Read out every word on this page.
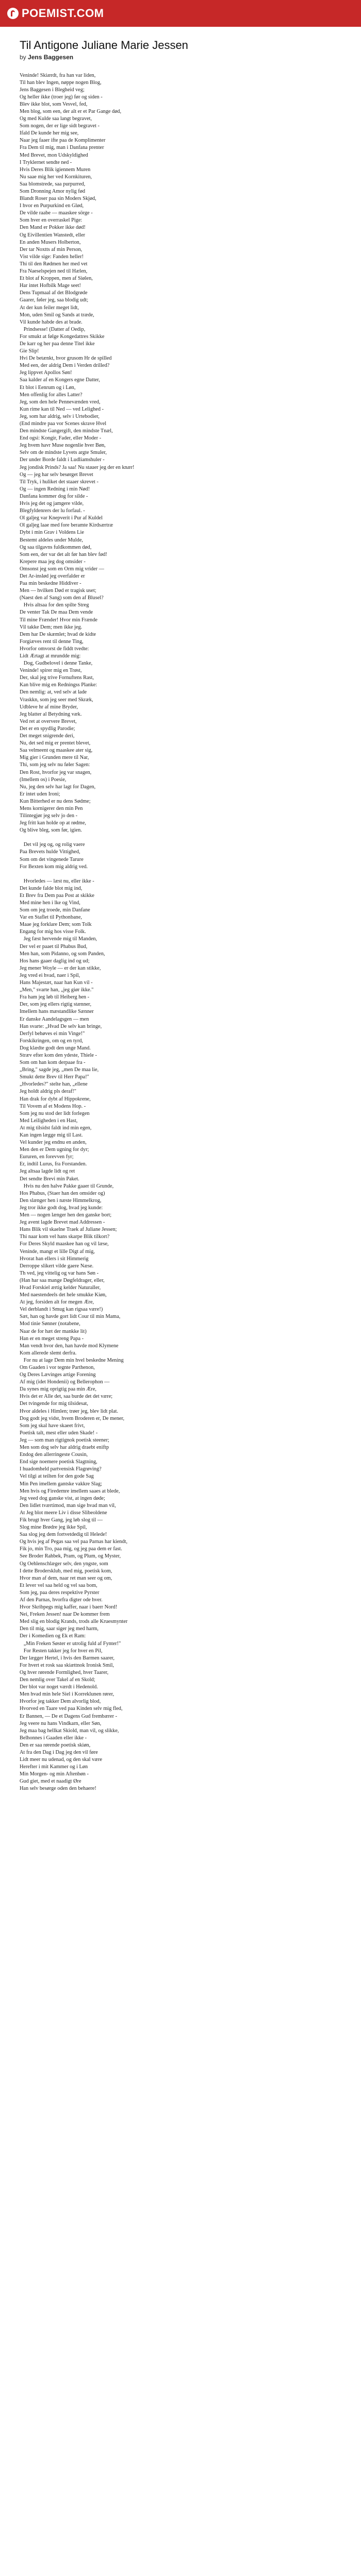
POEMIST.COM
Til Antigone Juliane Marie Jessen
by Jens Baggesen
Veninde! Skiærdt, fra han var liden,
Til han blev Ingen, nøppe nogen Blog,
Jens Baggesen i Blegheid veg;
Og heller ikke (troer jeg) før og siden -
Blev ikke blot, som Vesvel, fed,
Men blog, som een, der alt er et Par Gange død,
Og med Kulde saa langt begravet,
Som nogen, der er lige sidt begravet -
Ifald De kunde her mig see,
Naar jeg faaer ifte paa de Komplimenter
Fra Dem til mig, man i Danfana prenter
Med Brevet, mon Udskyldighed
I Tryklernet sendte ned -
Hvis Deres Blik igiennem Muren
Nu saae mig her ved Kornkituren,
Saa blomstrede, saa purpurred,
Som Dronning Amor nylig fød
Blandt Roser paa sin Moders Skjød,
I hvor en Purpurkind en Glød,
De vilde raabe — maaskee sörge -
Som hver en overraskel Pige:
Den Mand er Pokker ikke død!
Og Eivillentien Wanstedt, eller
En anden Musers Holberton,
Der tar Noxtts af min Person,
Vist vilde sige: Fanden heller!
Thi til den Rødmen her med vet
Fra Naeselspejen ned til Hælen,
Et blot af Kroppen, men af Siølen,
Har intet Hofbilk Mage seet!
Dens Tupmaal af det Blodgrøde
Gaarer, føler jeg, saa blodig udt;
At der kun feiler meget lidt,
Mon, uden Smil og Sands at træde,
Vil kunde habde des at brade.
Prindsesse! (Datter af Oedip,
For smukt at følge Kongedattres Skikke
De karr og her paa denne Titel ikke
Gie Slip!
Hvi De betænkt, hvor grusom Hr de spilled
Med een, der aldrig Dem i Verden drilled?
Jeg lippvet Apollos Søn!
Saa kalder af en Kongers egne Datter,
Et blot i Eenrum og i Løn,
Men offenlig for alles Latter?
Jeg, som den hele Pennevænden vred,
Kun rime kan til Ned — ved Lelighed -
Jeg, som har aldrig, selv i Urtebodier,
(End mindre paa vor Scenes skrave Hvel
Den mindste Gangergift, den mindste Tnæl,
End ogsi: Kongir, Fader, eller Moder -
Jeg hvem havr Muse nogenlie hver Bøn,
Selv om de mindste Lyvets argte Smuler,
Der under Borde faldt i Ludliamshuler -
Jeg jondisk Prinds? Ja saa! Nu stauer jeg der en knær!
Og — jeg har selv besørget Brevet
Til Tryk, i huliket det staaer skrevet -
Og — ingen Redning i min Nød!
Danfana kommer dog for silde -
Hvis jeg det og jamgere vilde,
Blegfyldenrers der lu forfaul. -
Ol galjeg var Knepverit i Pur af Kuldel
Ol galjeg laae med fore beramte Kirdsærtræ
Dybt i min Grav i Voldens Lie
Bestemt aldeles under Mulde,
Og saa tilgavns fuldkommen død,
Som een, der var det alt før han blev fød!
Krepere maa jeg dog omsider -
Omsonst jeg som en Orm mig vrider —
Det Ar-inslød jeg overfalder er
Paa min beskedne Hiddiver -
Men — hvilken Død er tragisk uset;
(Naest den af Sang) som den af Blusel?
Hvis altsaa for den spilte Streg
De venter Tak De maa Dem vende
Til mine Frænder! Hvor min Frænde
Vil takke Dem; men ikke jeg.
Dem har De skæmlet; hvad de kidte
Forgiæves rent til denne Ting,
Hvorfor omvorst de fiddt tvedte:
Lidt Ærtagt at mrundde mig:
Dog, Gudbelovel i denne Tanke,
Veninde! spirer mig en Trøst,
Der, skal jeg trive Fornuftens Rast,
Kan blive mig en Redningss Planke:
Den nemlig: at, ved selv at lade
Vraskkn, som jeg seer med Skræk,
Udbleve hr af mine Bryder,
Jeg blatter al Betydning væk.
Ved ret at oververe Brevet,
Det er en spydlig Parodie;
Det meget snigrende deri,
Nu, det sed mig er prentet blevet,
Saa velmeent og maaskee ater sig,
Mig gier i Grunden mere til Nar,
Thi, som jeg selv nu føler Sagen:
Den Rost, hvorfor jeg var snagen,
(Imellem os) i Poesie,
Nu, jeg den selv har lagt for Dagen,
Er intet uden Ironi;
Kun Bitterhed er nu dens Sødme;
Mens kornigerer den min Pen
Tilintegjør jeg selv jo den -
Jeg fritt kan holde op at rødme,
Og blive bleg, som før, igien.
Det vil jeg og, og rolig vaere
Paa Brevets hulde Vittighed,
Som om det vingenede Tarure
For Bexten kom mig aldrig ved.
Hvorledes — læst nu, eller ikke -
Det kunde falde blot mig ind,
Et Brev fra Dem paa Post at skikke
Med mine hen i lke og Vind,
Som om jeg troede, min Danfane
Var en Staflet til Pythonbane,
Maae jeg forklare Dem; som Tolk
Engang for mig hos visse Folk.
Jeg fæst hervende mig til Manden,
Der vel er paaet til Phabus Bud,
Men han, som Pidanno, og som Panden,
Hos hans gaaer daglig ind og ud;
Jeg mener Woyle — er der kan stikke,
Jeg vred ei hvad, naer i Spil,
Hans Majestæt, naar han Kun vil -
„Men," svarte han, „jeg giør ikke."
Fra ham jeg løb til Heiberg hen -
Der, som jeg ellers rigtig stænner,
Imellem hans mæstandlike Sænner
Er danske Aandelagsgen — men
Han svarte: „Hvad De selv kan bringe,
Derfyl behøves ei min Vinge!"
Forskikringen, om og en tyrd,
Dog klædte godt den unge Mand.
Stræv efter kom den ydeste, Thiele -
Som om han kom derpaae fra -
„Bring," sagde jeg, „men De maa lie,
Smukt dette Brev til Herr Papa!"
„Hvorledes?" stelte han, „ellene
Jeg holdt aldrig pls deraf!"
Han drak for dybt af Hippokrene,
Til Vovem af et Modens Hop. -
Som jeg nu stod der lidt forlegen
Med Leiligheden i en Hast,
At mig tilsidst faldt ind min egen,
Kan ingen lægge mig til Last.
Vel kunder jeg endnu en anden,
Men den er Dem ugning for dyr;
Eururen, en forevven fyr;
Er, indtil Lurus, fra Forstanden.
Jeg altsaa lagde lidt og ret
Det sendte Brevi min Paket.
Hvis nu den halve Pakke gaaer til Grunde,
Hos Phabus, (Staer han den omsider og)
Den slænger hen i næste Himmelkrog,
Jeg tror ikke godt dog, hvad jeg kunde:
Men — nogen længer hen den ganske bort;
Jeg avent lagde Brevet mad Addressen -
Hans Blik vil skaelne Traek af Juliane Jessen;
Thi naar kom vel hans skarpe Blik tilkort?
For Deres Skyld maaskee han og vil læse,
Veninde, mangt et lille Digt af mig,
Hvorat han ellers i sit Himmerig
Derroppe slikert vilde gaere Næse.
Th ved, jeg vittelig og var hans Søn -
(Han har saa mange Døgfeldrager, eller,
Hvad Forskiel ærtig kelder Naturaller,
Med naestendeels det hele smukke Kiøn,
At jeg, forsiden alt for megen Ære,
Vel derblandt i Smug kan rigsaa være!)
Sæt, han og havde gort lidt Cour til min Mama,
Mod tinie Sønner (notabene,
Naar de for hæt der mankke lit⁠)
Han er en meget streng Papa -
Man vendt hvor den, han havde mod Klymene
Kom allerede slemt derfra.
For nu at lage Dem min hvel beskedne Mening
Om Gaaden i vor tegnte Parthenon,
Og Deres Lævinges artige Forening
Af mig (idet Hondenii) og Bellerophon —
Da synes mig oprigtig paa min Ære,
Hvis det er Alle det, saa burde det det være;
Det tvingende for mig tilsidesat,
Hvor aldeles i Himlen; trøer jeg, blev lidt plat.
Dog godt jeg vidst, hvem Broderen er, De mener,
Som jeg skal have skaeet frivt,
Poetisk talt, mest eller uden Skade! -
Jeg — som man rigtignok poetisk steener;
Men som dog selv har aldrig draebt eniftp
Endog den allerringeste Cousin,
End sige noemere poetisk Slagtning,
I huadomheld partvensisk Flagrøving?
Vel tilgi at teilten for den gode Sag
Min Pen imellem gantske vakkre Slag;
Men hvis og Firedemre imellem saaes at blede,
Jeg veed dog ganske vist, at ingen døde;
Den lidlet tværtimod, man sige hvad man vil,
At Jeg blot meere Liv i disse Slibeoldene
Fik brugt hver Gang, jeg løb slog til —
Slog mine Brødre jeg ikke Spil,
Saa slog jeg dem fortvetdedig til Helede!
Og hvis jeg af Pegas saa vel paa Parnas har kiendt,
Fik jo, min Tro, paa mig, og jeg paa dem er fast.
See Broder Rahbek, Pram, og Plum, og Myster,
Og Oehlenschlæger selv, den yngste, som
I dette Brodersklub, med mig, poetisk kom,
Hvor man af dem, naar ret man seer og om,
Et lever vel saa held og vel saa bom,
Som jeg, paa deres respektive Pyrster
Af den Parnas, hvorfra digter ode hver.
Hvor Skribpegs mig kaffer, naar i baerr Nord!
Nei, Freken Jessen! naar De kommer frem
Med slig en blodig Krands, trods alle Kruesmynter
Den til mig, saar siger jeg med harm,
Der i Komedien og Ek et Ram:
„Min Freken Søster er utrolig fuld af Fynter!"
For Resten takker jeg for hver en Pil,
Der lægger Hertel, i hvis den Barmen saarer,
For hvert et rosk saa skiættnok Ironisk Smil,
Og hver rørende Formlighed, hver Taarer,
Den nemlig over Takel af en Skold;
Der blot var noget værdt i Hedenold.
Men hvad min hele Siel i Korreklunen rører,
Hvorfor jeg takker Dem alvorlig blod,
Hvorved en Taare ved paa Kinden selv mig fled,
Er Bannen, — De et Dagens Gud frembærer -
Jeg veere nu hans Vindkarn, eller Søn,
Jeg maa bag hellkat Skiold, man vil, og slikke,
Belhonnes i Gaaden eller ikke -
Den er saa rørende poetisk skiøn,
At fra den Dag i Dag jeg den vil føre
Lidt meer nu udenad, og den skal være
Herefter i mit Kammer og i Løn
Min Morgen- og min Aftenbøn -
Gud giet, med et naadigt Øre
Han selv besørge oden den behaere!
